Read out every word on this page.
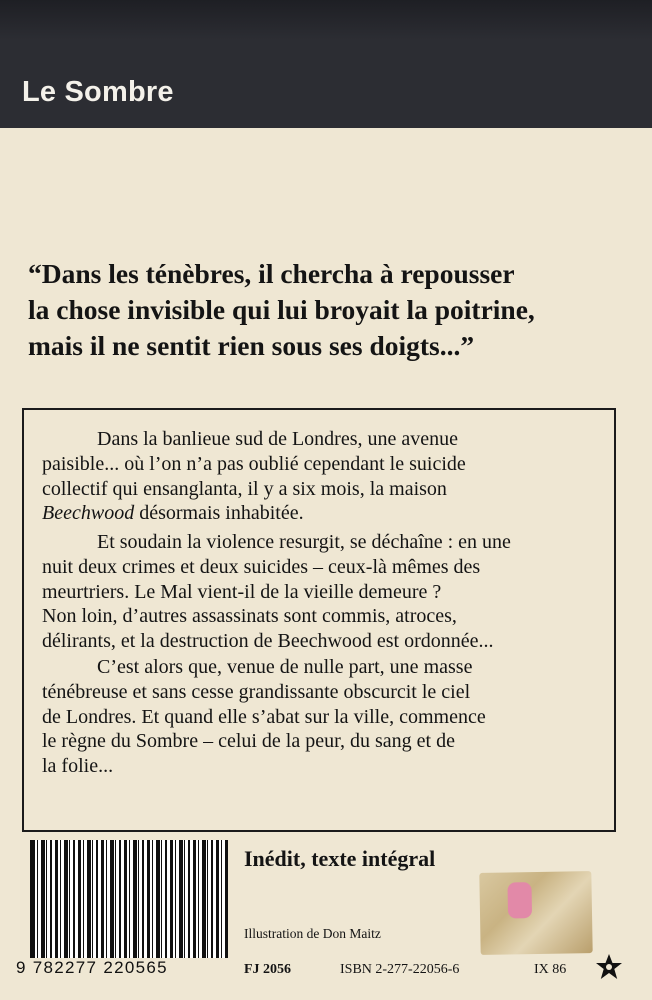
Le Sombre
“Dans les ténèbres, il chercha à repousser
la chose invisible qui lui broyait la poitrine,
mais il ne sentit rien sous ses doigts...”
Dans la banlieue sud de Londres, une avenue
paisible... où l’on n’a pas oublié cependant le suicide
collectif qui ensanglanta, il y a six mois, la maison
Beechwood désormais inhabitée.
Et soudain la violence resurgit, se déchaîne : en une
nuit deux crimes et deux suicides – ceux-là mêmes des
meurtriers. Le Mal vient-il de la vieille demeure ?
Non loin, d’autres assassinats sont commis, atroces,
délirants, et la destruction de Beechwood est ordonnée...
C’est alors que, venue de nulle part, une masse
ténébreuse et sans cesse grandissante obscurcit le ciel
de Londres. Et quand elle s’abat sur la ville, commence
le règne du Sombre – celui de la peur, du sang et de
la folie...
9 782277 220565
Inédit, texte intégral
Illustration de Don Maitz
FJ 2056	ISBN 2-277-22056-6	IX 86
